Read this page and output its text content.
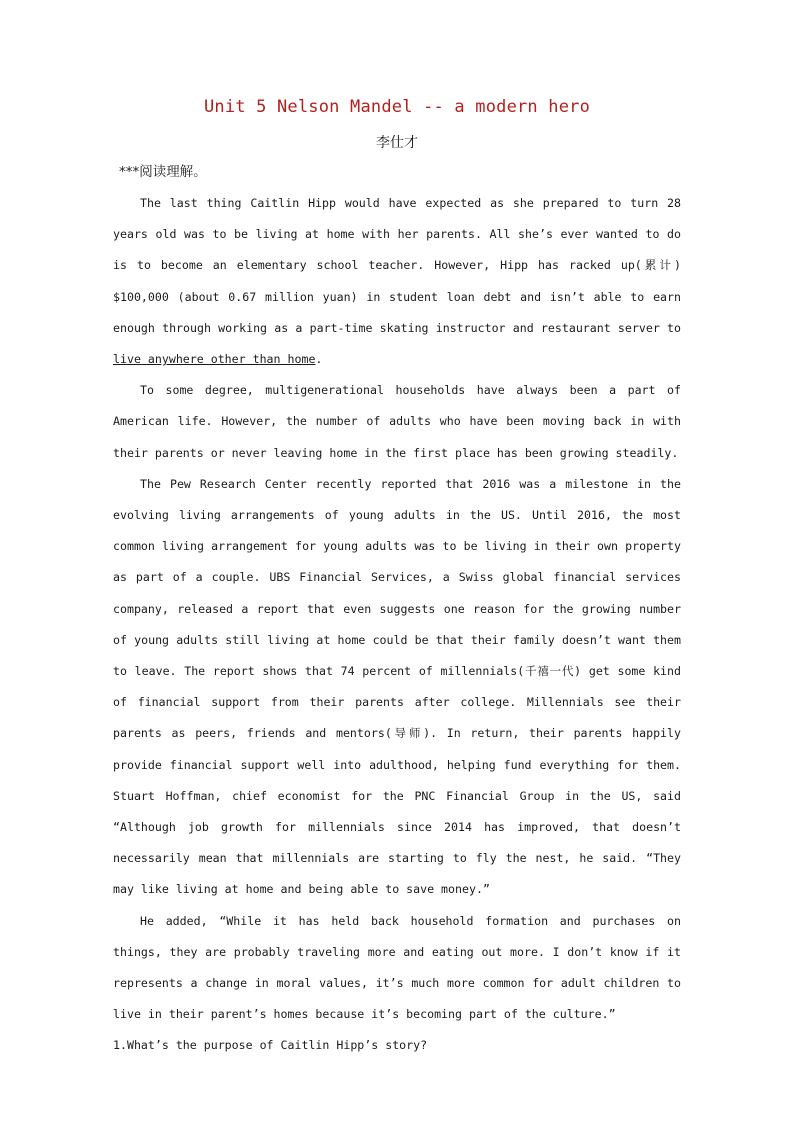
Unit 5 Nelson Mandel -- a modern hero
李仕才
***阅读理解。

The last thing Caitlin Hipp would have expected as she prepared to turn 28 years old was to be living at home with her parents. All she’s ever wanted to do is to become an elementary school teacher. However, Hipp has racked up(累计) $100,000 (about 0.67 million yuan) in student loan debt and isn’t able to earn enough through working as a part-time skating instructor and restaurant server to live anywhere other than home.

To some degree, multigenerational households have always been a part of American life. However, the number of adults who have been moving back in with their parents or never leaving home in the first place has been growing steadily.

The Pew Research Center recently reported that 2016 was a milestone in the evolving living arrangements of young adults in the US. Until 2016, the most common living arrangement for young adults was to be living in their own property as part of a couple. UBS Financial Services, a Swiss global financial services company, released a report that even suggests one reason for the growing number of young adults still living at home could be that their family doesn’t want them to leave. The report shows that 74 percent of millennials(千禧一代) get some kind of financial support from their parents after college. Millennials see their parents as peers, friends and mentors(导师). In return, their parents happily provide financial support well into adulthood, helping fund everything for them. Stuart Hoffman, chief economist for the PNC Financial Group in the US, said “Although job growth for millennials since 2014 has improved, that doesn’t necessarily mean that millennials are starting to fly the nest, he said. “They may like living at home and being able to save money.”

He added, “While it has held back household formation and purchases on things, they are probably traveling more and eating out more. I don’t know if it represents a change in moral values, it’s much more common for adult children to live in their parent’s homes because it’s becoming part of the culture.”

1.What’s the purpose of Caitlin Hipp’s story?
